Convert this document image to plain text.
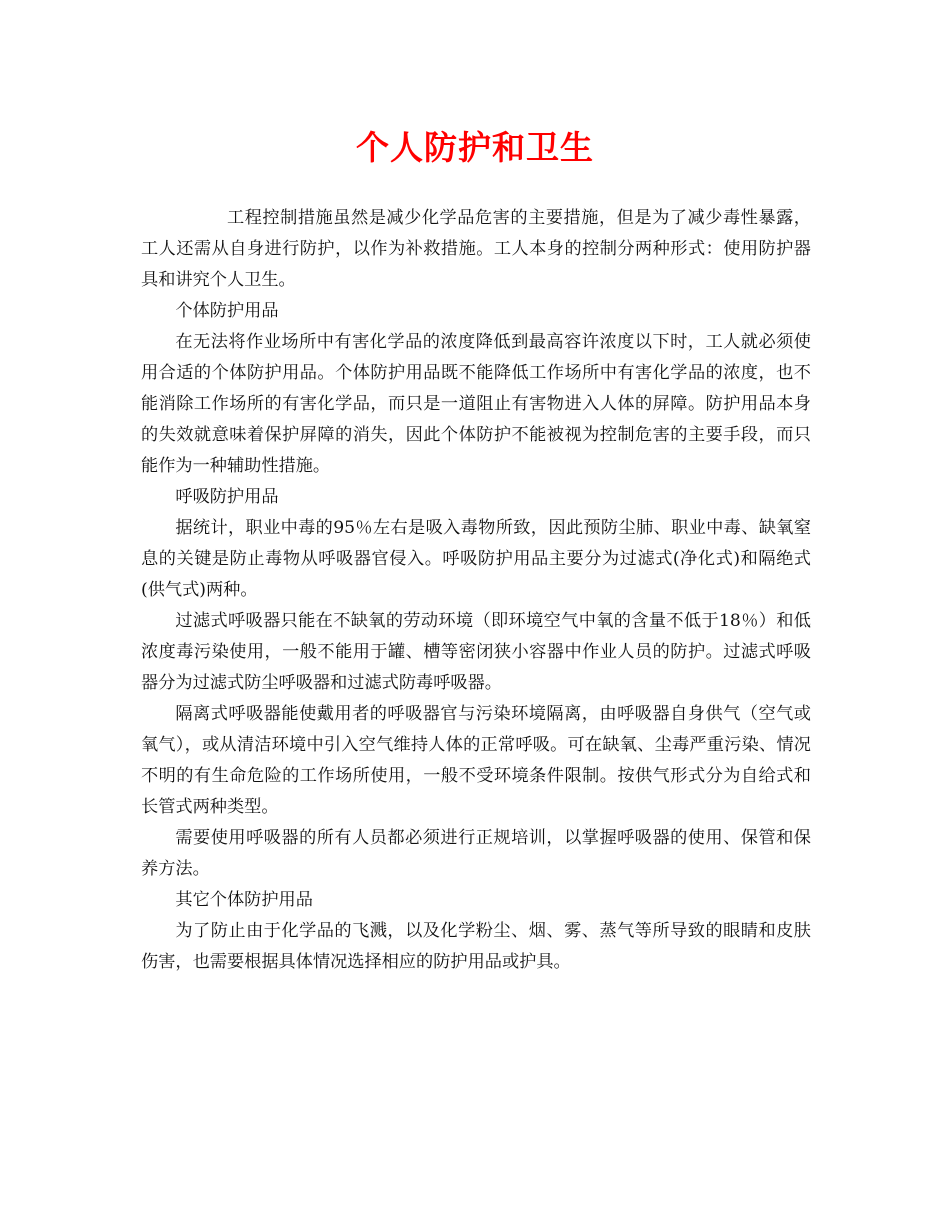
个人防护和卫生

工程控制措施虽然是减少化学品危害的主要措施，但是为了减少毒性暴露，工人还需从自身进行防护，以作为补救措施。工人本身的控制分两种形式：使用防护器具和讲究个人卫生。

个体防护用品

在无法将作业场所中有害化学品的浓度降低到最高容许浓度以下时，工人就必须使用合适的个体防护用品。个体防护用品既不能降低工作场所中有害化学品的浓度，也不能消除工作场所的有害化学品，而只是一道阻止有害物进入人体的屏障。防护用品本身的失效就意味着保护屏障的消失，因此个体防护不能被视为控制危害的主要手段，而只能作为一种辅助性措施。

呼吸防护用品

据统计，职业中毒的95％左右是吸入毒物所致，因此预防尘肺、职业中毒、缺氧窒息的关键是防止毒物从呼吸器官侵入。呼吸防护用品主要分为过滤式(净化式)和隔绝式(供气式)两种。

过滤式呼吸器只能在不缺氧的劳动环境（即环境空气中氧的含量不低于18％）和低浓度毒污染使用，一般不能用于罐、槽等密闭狭小容器中作业人员的防护。过滤式呼吸器分为过滤式防尘呼吸器和过滤式防毒呼吸器。

隔离式呼吸器能使戴用者的呼吸器官与污染环境隔离，由呼吸器自身供气（空气或氧气），或从清洁环境中引入空气维持人体的正常呼吸。可在缺氧、尘毒严重污染、情况不明的有生命危险的工作场所使用，一般不受环境条件限制。按供气形式分为自给式和长管式两种类型。

需要使用呼吸器的所有人员都必须进行正规培训，以掌握呼吸器的使用、保管和保养方法。

其它个体防护用品

为了防止由于化学品的飞溅，以及化学粉尘、烟、雾、蒸气等所导致的眼睛和皮肤伤害，也需要根据具体情况选择相应的防护用品或护具。
